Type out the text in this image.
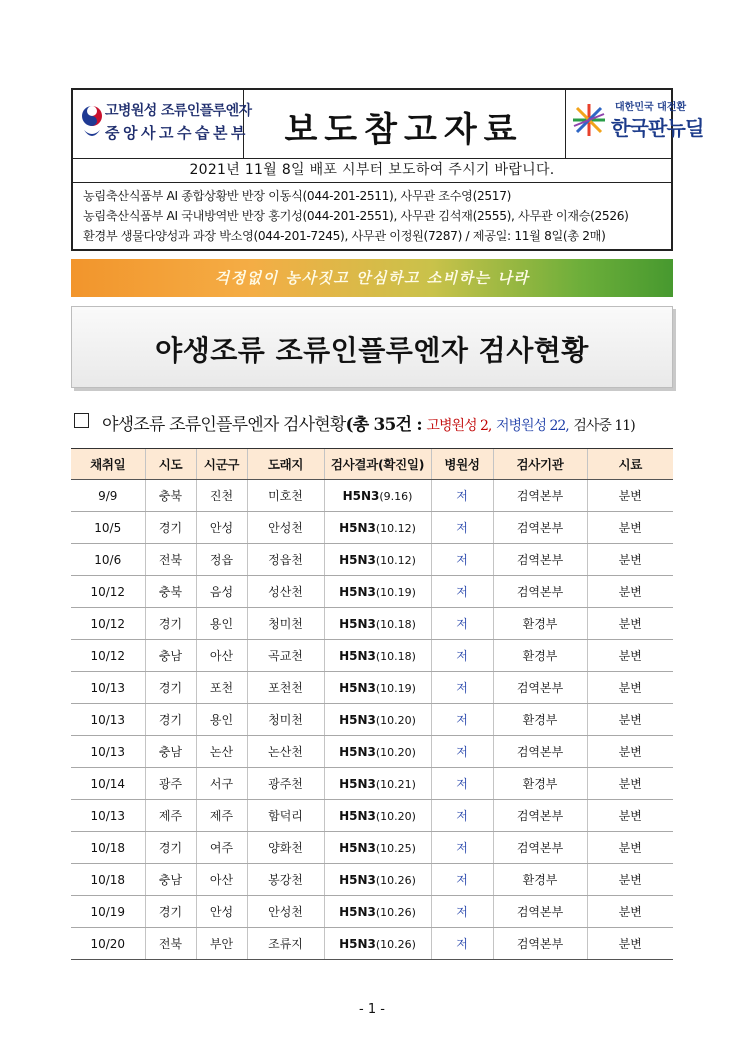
고병원성 조류인플루엔자
중앙사고수습본부	보도참고자료
대한민국 대전환
한국판뉴딜
2021년 11월 8일 배포 시부터 보도하여 주시기 바랍니다.
농림축산식품부 AI 종합상황반 반장 이동식(044-201-2511), 사무관 조수영(2517)
농림축산식품부 AI 국내방역반 반장 홍기성(044-201-2551), 사무관 김석재(2555), 사무관 이재승(2526)
환경부 생물다양성과 과장 박소영(044-201-7245), 사무관 이정원(7287) / 제공일: 11월 8일(총 2매)
걱정없이 농사짓고 안심하고 소비하는 나라
야생조류 조류인플루엔자 검사현황
야생조류 조류인플루엔자 검사현황(총 35건 : 고병원성 2, 저병원성 22, 검사중 11)
채취일	시도	시군구	도래지	검사결과(확진일)	병원성	검사기관	시료
9/9	충북	진천	미호천	H5N3(9.16)	저	검역본부	분변
10/5	경기	안성	안성천	H5N3(10.12)	저	검역본부	분변
10/6	전북	정읍	정읍천	H5N3(10.12)	저	검역본부	분변
10/12	충북	음성	성산천	H5N3(10.19)	저	검역본부	분변
10/12	경기	용인	청미천	H5N3(10.18)	저	환경부	분변
10/12	충남	아산	곡교천	H5N3(10.18)	저	환경부	분변
10/13	경기	포천	포천천	H5N3(10.19)	저	검역본부	분변
10/13	경기	용인	청미천	H5N3(10.20)	저	환경부	분변
10/13	충남	논산	논산천	H5N3(10.20)	저	검역본부	분변
10/14	광주	서구	광주천	H5N3(10.21)	저	환경부	분변
10/13	제주	제주	함덕리	H5N3(10.20)	저	검역본부	분변
10/18	경기	여주	양화천	H5N3(10.25)	저	검역본부	분변
10/18	충남	아산	봉강천	H5N3(10.26)	저	환경부	분변
10/19	경기	안성	안성천	H5N3(10.26)	저	검역본부	분변
10/20	전북	부안	조류지	H5N3(10.26)	저	검역본부	분변
- 1 -
